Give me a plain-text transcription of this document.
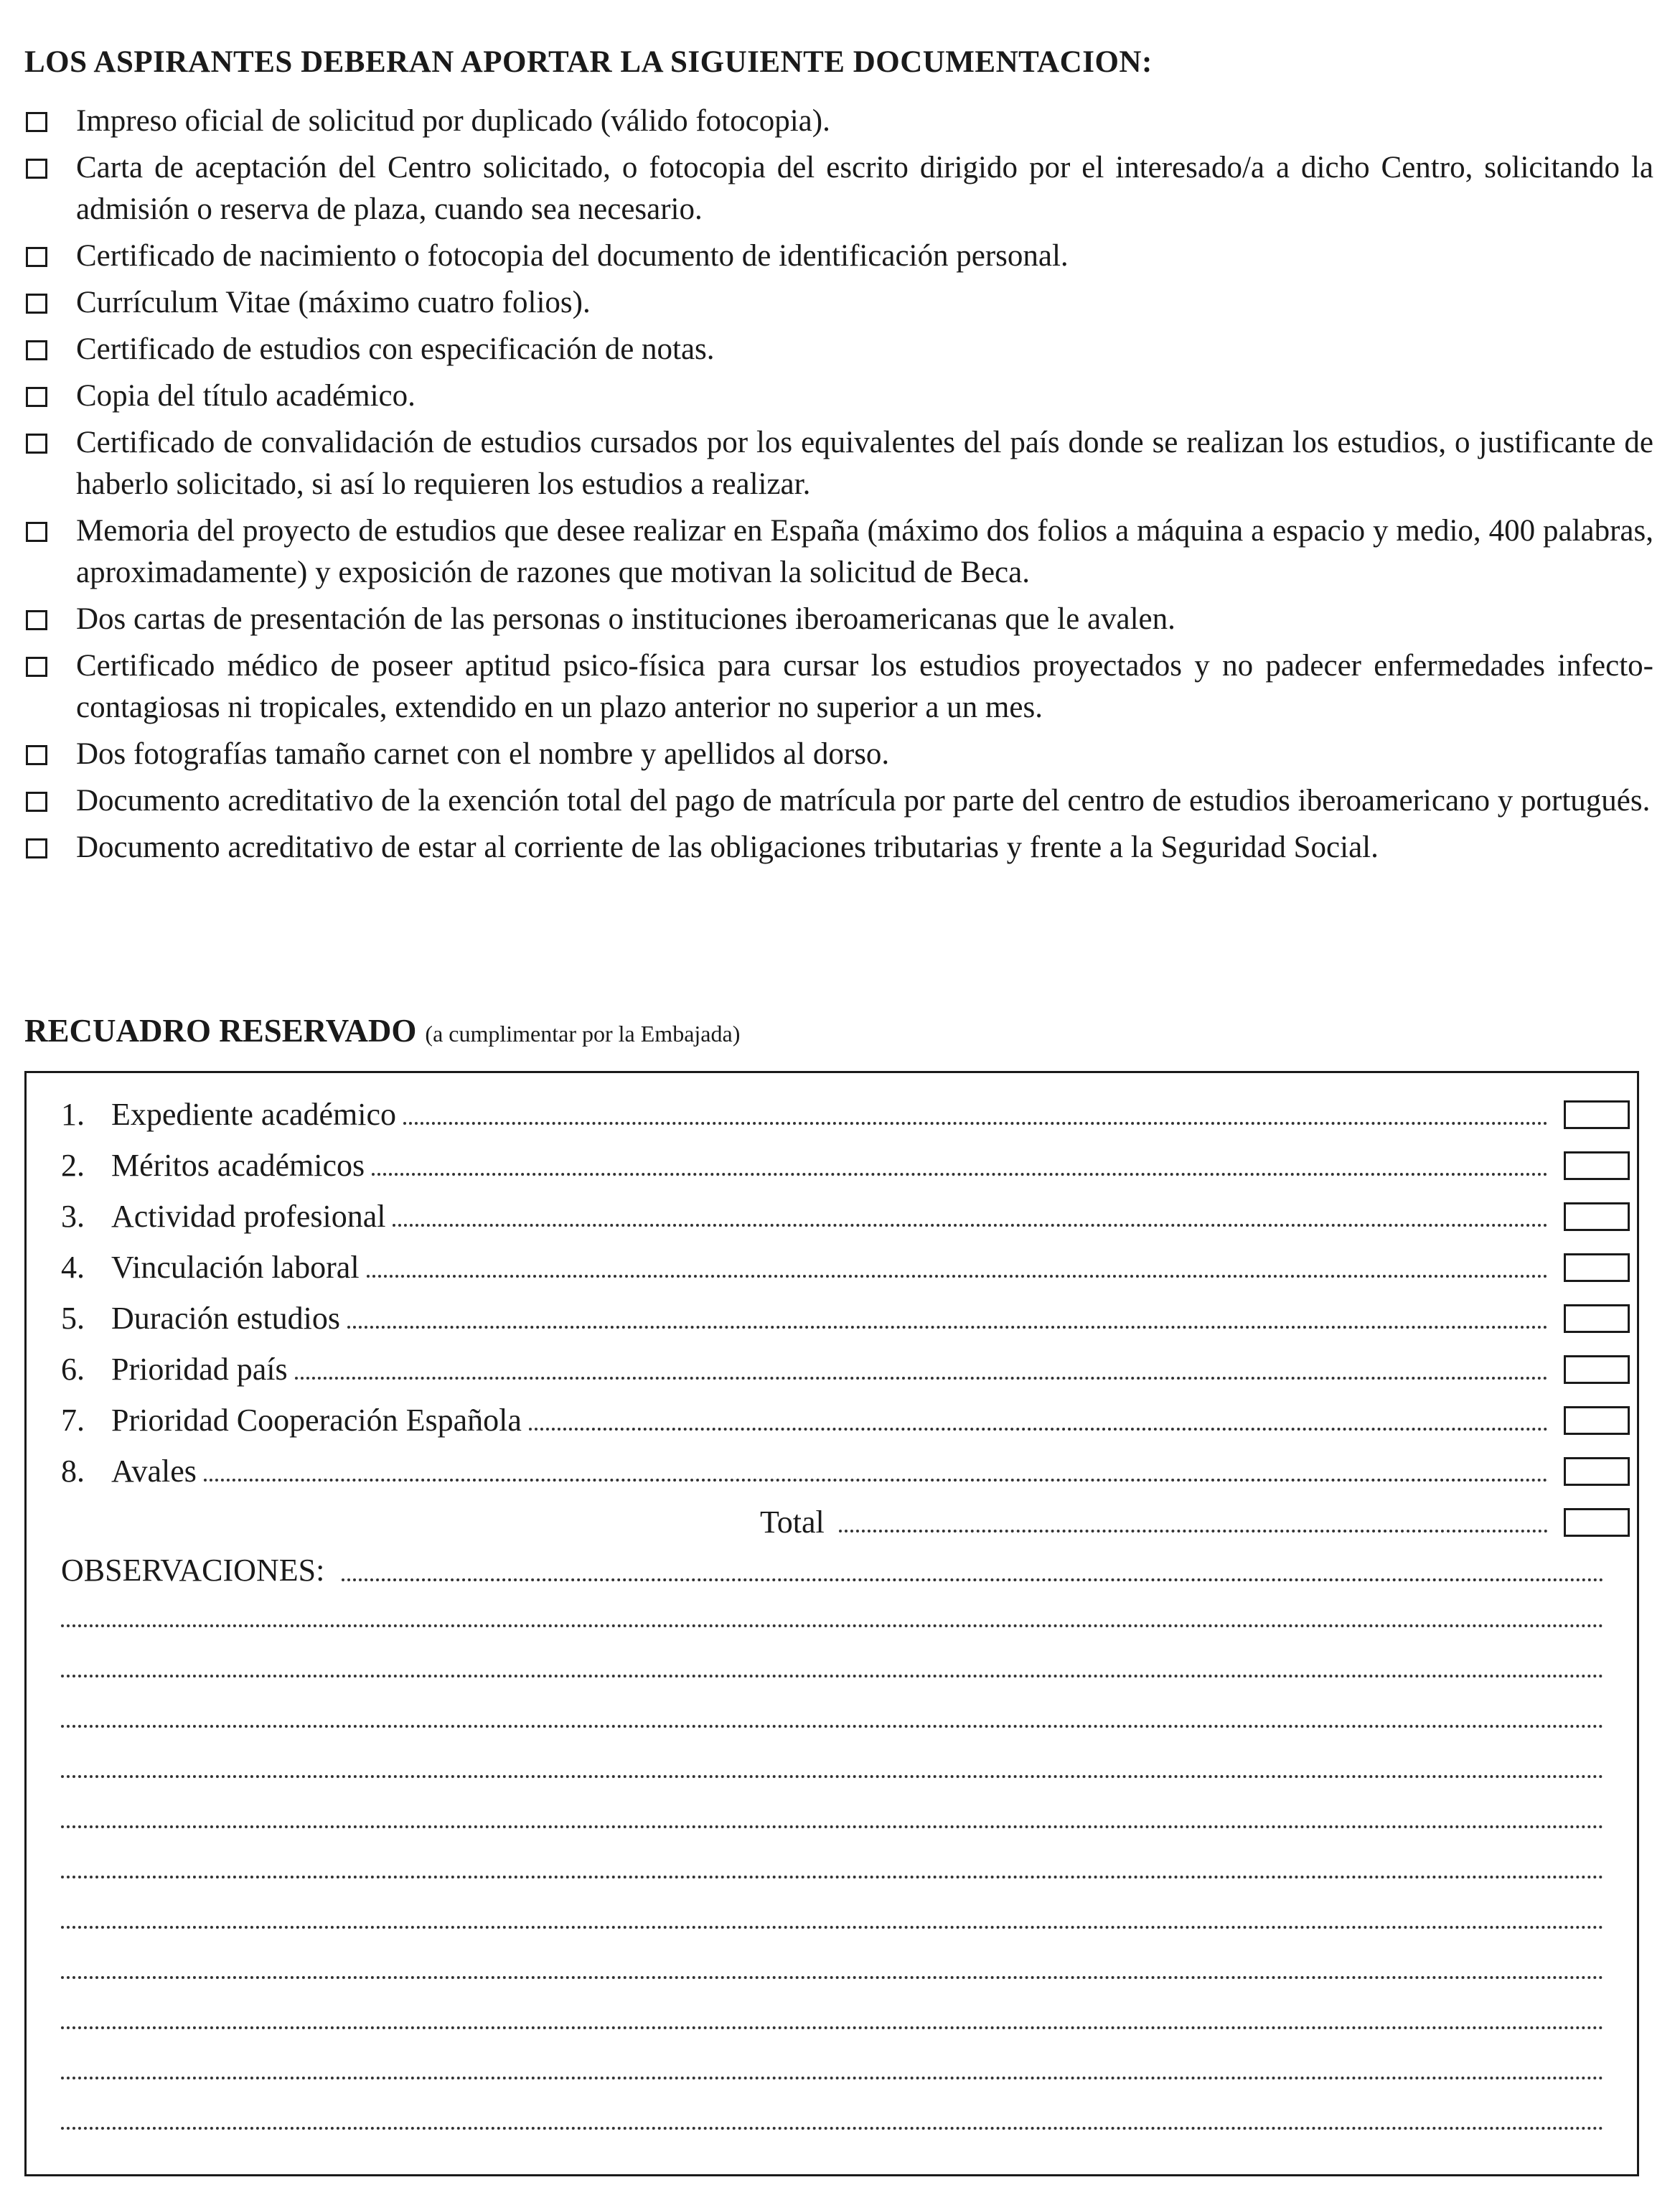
LOS ASPIRANTES DEBERAN APORTAR LA SIGUIENTE DOCUMENTACION:
Impreso oficial de solicitud por duplicado (válido fotocopia).
Carta de aceptación del Centro solicitado, o fotocopia del escrito dirigido por el interesado/a a dicho Centro, solicitando la admisión o reserva de plaza, cuando sea necesario.
Certificado de nacimiento o fotocopia del documento de identificación personal.
Currículum Vitae (máximo cuatro folios).
Certificado de estudios con especificación de notas.
Copia del título académico.
Certificado de convalidación de estudios cursados por los equivalentes del país donde se realizan los estudios, o justificante de haberlo solicitado, si así lo requieren los estudios a realizar.
Memoria del proyecto de estudios que desee realizar en España (máximo dos folios a máquina a espacio y medio, 400 palabras, aproximadamente) y exposición de razones que motivan la solicitud de Beca.
Dos cartas de presentación de las personas o instituciones iberoamericanas que le avalen.
Certificado médico de poseer aptitud psico-física para cursar los estudios proyectados y no padecer enfermedades infecto-contagiosas ni tropicales, extendido en un plazo anterior no superior a un mes.
Dos fotografías tamaño carnet con el nombre y apellidos al dorso.
Documento acreditativo de la exención total del pago de matrícula por parte del centro de estudios iberoamericano y portugués.
Documento acreditativo de estar al corriente de las obligaciones tributarias y frente a la Seguridad Social.
RECUADRO RESERVADO (a cumplimentar por la Embajada)
1. Expediente académico
2. Méritos académicos
3. Actividad profesional
4. Vinculación laboral
5. Duración estudios
6. Prioridad país
7. Prioridad Cooperación Española
8. Avales
Total
OBSERVACIONES:
